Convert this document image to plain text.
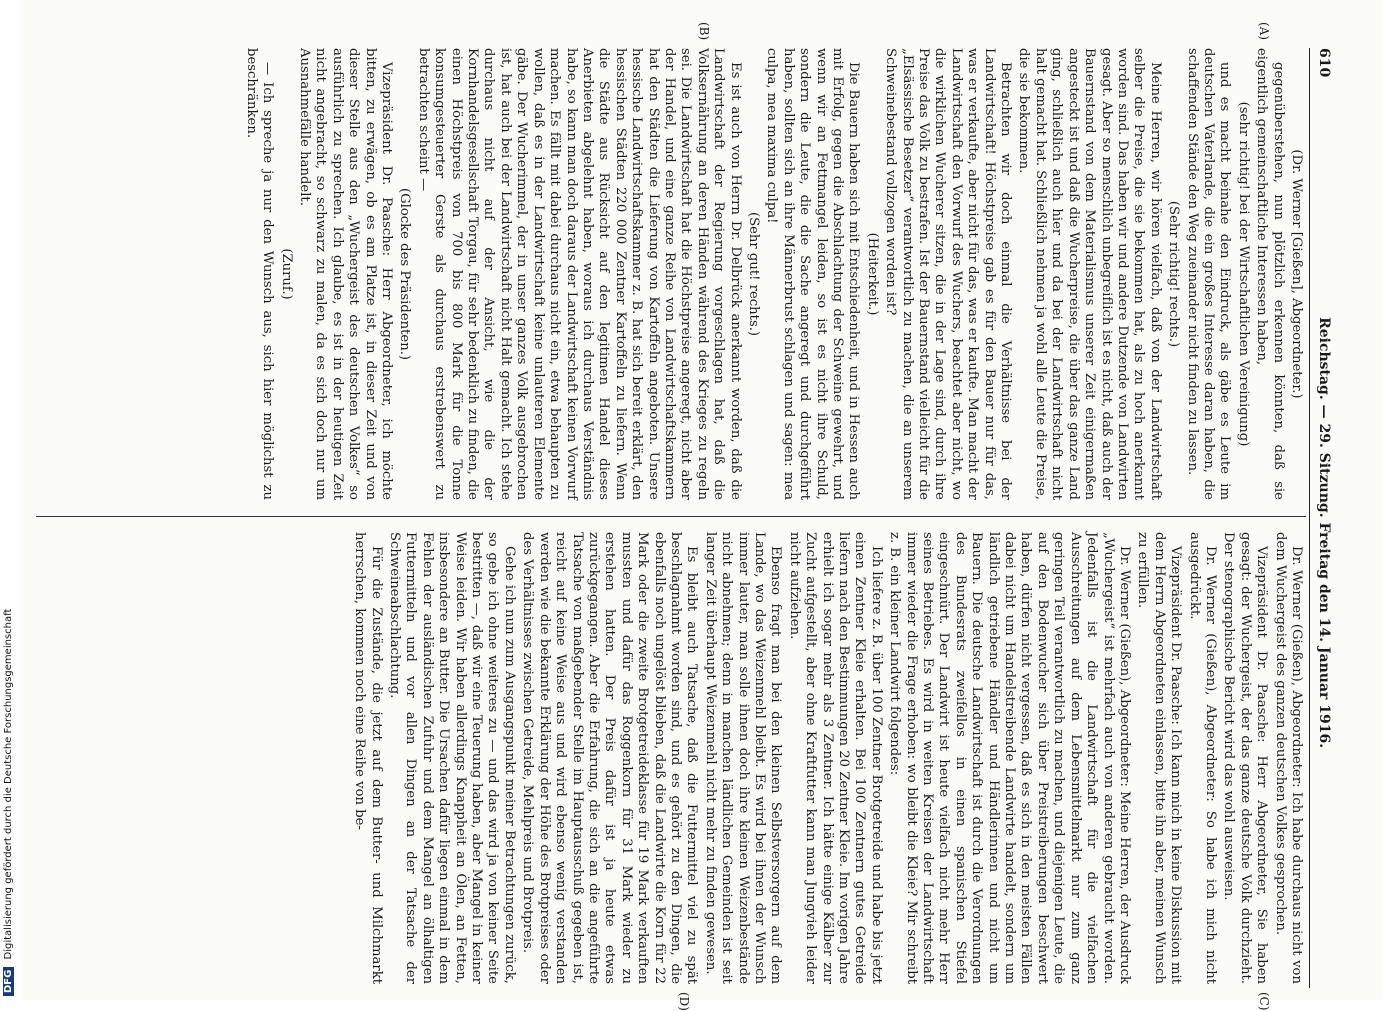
610
Reichstag. — 29. Sitzung. Freitag den 14. Januar 1916.
(A)
(B)
(C)
(D)

(Dr. Werner [Gießen], Abgeordneter.)

gegenüberstehen, nun plötzlich erkennen könnten, daß sie eigentlich gemeinschaftliche Interessen haben,

(sehr richtig! bei der Wirtschaftlichen Vereinigung)

und es macht beinahe den Eindruck, als gäbe es Leute im deutschen Vaterlande, die ein großes Interesse daran haben, die schaffenden Stände den Weg zueinander nicht finden zu lassen.

(Sehr richtig! rechts.)

Meine Herren, wir hören vielfach, daß von der Landwirtschaft selber die Preise, die sie bekommen hat, als zu hoch anerkannt worden sind. Das haben wir und andere Dutzende von Landwirten gesagt. Aber so menschlich unbegreiflich ist es nicht, daß auch der Bauernstand von dem Materialismus unserer Zeit einigermaßen angesteckt ist und daß die Wucherpreise, die über das ganze Land ging, schließlich auch hier und da bei der Landwirtschaft nicht halt gemacht hat. Schließlich nehmen ja wohl alle Leute die Preise, die sie bekommen.

Betrachten wir doch einmal die Verhältnisse bei der Landwirtschaft! Höchstpreise gab es für den Bauer nur für das, was er verkaufte, aber nicht für das, was er kaufte. Man macht der Landwirtschaft den Vorwurf des Wuchers, beachtet aber nicht, wo die wirklichen Wucherer sitzen, die in der Lage sind, durch ihre Preise das Volk zu bestrafen. Ist der Bauernstand vielleicht für die „Elsässische Besetzer“ verantwortlich zu machen, die an unserem Schweinebestand vollzogen worden ist?

(Heiterkeit.)

Die Bauern haben sich mit Entschiedenheit, und in Hessen auch mit Erfolg, gegen die Abschlachtung der Schweine gewehrt, und wenn wir an Fettmangel leiden, so ist es nicht ihre Schuld, sondern die Leute, die die Sache angeregt und durchgeführt haben, sollten sich an ihre Männerbrust schlagen und sagen: mea culpa, mea maxima culpa!

(Sehr gut! rechts.)

Es ist auch von Herrn Dr. Delbrück anerkannt worden, daß die Landwirtschaft der Regierung vorgeschlagen hat, daß die Volksernährung an deren Händen während des Krieges zu regeln sei. Die Landwirtschaft hat die Höchstpreise angeregt, nicht aber der Handel, und eine ganze Reihe von Landwirtschaftskammern hat den Städten die Lieferung von Kartoffeln angeboten. Unsere hessische Landwirtschaftskammer z. B. hat sich bereit erklärt, den hessischen Städten 220 000 Zentner Kartoffeln zu liefern. Wenn die Städte aus Rücksicht auf den legitimen Handel dieses Anerbieten abgelehnt haben, woraus ich durchaus Verständnis habe, so kann man doch daraus der Landwirtschaft keinen Vorwurf machen. Es fällt mit dabei durchaus nicht ein, etwa behaupten zu wollen, daß es in der Landwirtschaft keine unlauteren Elemente gäbe. Der Wucherimmel, der in unser ganzes Volk ausgebrochen ist, hat auch bei der Landwirtschaft nicht Halt gemacht. Ich stehe durchaus nicht auf der Ansicht, wie die der Kornhandelsgesellschaft Torgau, für sehr bedenklich zu finden, die einen Höchstpreis von 700 bis 800 Mark für die Tonne konsumgesteuerter Gerste als durchaus erstrebenswert zu betrachten scheint —

(Glocke des Präsidenten.)

Vizepräsident Dr. Paasche: Herr Abgeordneter, ich möchte bitten, zu erwägen, ob es am Platze ist, in dieser Zeit und von dieser Stelle aus den „Wuchergeist des deutschen Volkes“ so ausführlich zu sprechen. Ich glaube, es ist in der heutigen Zeit nicht angebracht, so schwarz zu malen, da es sich doch nur um Ausnahmefälle handelt.

(Zuruf.)

— Ich spreche ja nur den Wunsch aus, sich hier möglichst zu beschränken.

Dr. Werner (Gießen), Abgeordneter: Ich habe durchaus nicht von dem Wuchergeist des ganzen deutschen Volkes gesprochen.

Vizepräsident Dr. Paasche: Herr Abgeordneter, Sie haben gesagt: der Wuchergeist, der das ganze deutsche Volk durchzieht. Der stenographische Bericht wird das wohl ausweisen.

Dr. Werner (Gießen), Abgeordneter: So habe ich mich nicht ausgedrückt.

Vizepräsident Dr. Paasche: Ich kann mich in keine Diskussion mit dem Herrn Abgeordneten einlassen, bitte ihn aber, meinen Wunsch zu erfüllen.

Dr. Werner (Gießen), Abgeordneter: Meine Herren, der Ausdruck „Wuchergeist“ ist mehrfach auch von anderen gebraucht worden. Jedenfalls ist die Landwirtschaft für die vielfachen Ausschreitungen auf dem Lebensmittelmarkt nur zum ganz geringen Teil verantwortlich zu machen, und diejenigen Leute, die auf den Bodenwucher sich über Preistreiberungen beschwert haben, dürfen nicht vergessen, daß es sich in den meisten Fällen dabei nicht um Handelstreibende Landwirte handelt, sondern um ländlich getriebene Händler und Händlerinnen und nicht um Bauern. Die deutsche Landwirtschaft ist durch die Verordnungen des Bundesrats zweifellos in einen spanischen Stiefel eingeschnürt. Der Landwirt ist heute vielfach nicht mehr Herr seines Betriebes. Es wird in weiten Kreisen der Landwirtschaft immer wieder die Frage erhoben: wo bleibt die Kleie? Mir schreibt z. B. ein kleiner Landwirt folgendes:

Ich liefere z. B. über 100 Zentner Brotgetreide und habe bis jetzt einen Zentner Kleie erhalten. Bei 100 Zentnern gutes Getreide liefern nach den Bestimmungen 20 Zentner Kleie. Im vorigen Jahre erhielt ich sogar mehr als 3 Zentner. Ich hätte einige Kälber zur Zucht aufgestellt, aber ohne Kraftfutter kann man Jungvieh leider nicht aufziehen.

Ebenso fragt man bei den kleinen Selbstversorgern auf dem Lande, wo das Weizenmehl bleibt. Es wird bei ihnen der Wunsch immer lauter, man solle ihnen doch ihre kleinen Weizenbestände nicht abnehmen; denn in manchen ländlichen Gemeinden ist seit langer Zeit überhaupt Weizenmehl nicht mehr zu finden gewesen.

Es bleibt auch Tatsache, daß die Futtermittel viel zu spät beschlagnahmt worden sind, und es gehört zu den Dingen, die ebenfalls noch ungelöst blieben, daß die Landwirte die Korn für 22 Mark oder die zweite Brotgetreideklasse für 19 Mark verkauften mussten und dafür das Roggenkorn für 31 Mark wieder zu erstehen hatten. Der Preis dafür ist ja heute etwas zurückgegangen. Aber die Erfahrung, die sich an die angeführte Tatsache von maßgebender Stelle im Hauptausschuß gegeben ist, reicht auf keine Weise aus und wird ebenso wenig verstanden werden wie die bekannte Erklärung der Höhe des Brotpreises oder des Verhältnisses zwischen Getreide, Mehlpreis und Brotpreis.

Gehe ich nun zum Ausgangspunkt meiner Betrachtungen zurück, so gebe ich ohne weiteres zu — und das wird ja von keiner Seite bestritten —, daß wir eine Teuerung haben, aber Mangel in keiner Weise leiden. Wir haben allerdings Knappheit an Ölen, an Fetten, insbesondere an Butter. Die Ursachen dafür liegen einmal in dem Fehlen der ausländischen Zufuhr und dem Mangel an ölhaltigen Futtermitteln und vor allen Dingen an der Tatsache der Schweineabschlachtung.

Für die Zustände, die jetzt auf dem Butter- und Milchmarkt herrschen, kommen noch eine Reihe von be-

DFG Digitalisierung gefördert durch die Deutsche Forschungsgemeinschaft
